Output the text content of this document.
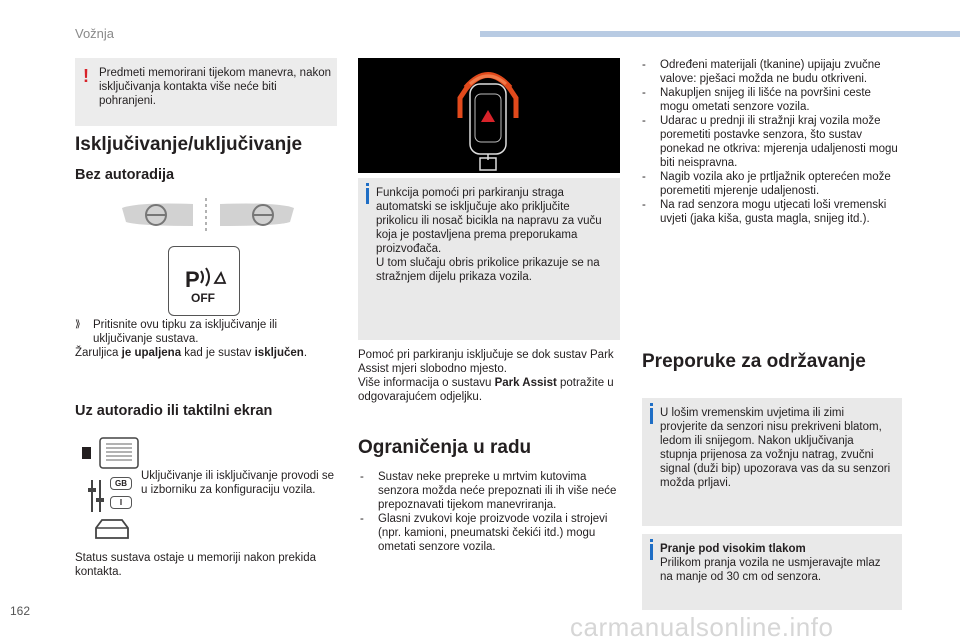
Vožnja
162
carmanualsonline.info
! Predmeti memorirani tijekom manevra, nakon isključivanja kontakta više neće biti pohranjeni.
Isključivanje/uključivanje
Bez autoradija
P
OFF
⟫ Pritisnite ovu tipku za isključivanje ili uključivanje sustava.
Žaruljica je upaljena kad je sustav isključen.
Uz autoradio ili taktilni ekran
GB
I
Uključivanje ili isključivanje provodi se u izborniku za konfiguraciju vozila.
Status sustava ostaje u memoriji nakon prekida kontakta.
Funkcija pomoći pri parkiranju straga automatski se isključuje ako priključite prikolicu ili nosač bicikla na napravu za vuču koja je postavljena prema preporukama proizvođača.
U tom slučaju obris prikolice prikazuje se na stražnjem dijelu prikaza vozila.
Pomoć pri parkiranju isključuje se dok sustav Park Assist mjeri slobodno mjesto.
Više informacija o sustavu Park Assist potražite u odgovarajućem odjeljku.
Ograničenja u radu
- Sustav neke prepreke u mrtvim kutovima senzora možda neće prepoznati ili ih više neće prepoznavati tijekom manevriranja.
- Glasni zvukovi koje proizvode vozila i strojevi (npr. kamioni, pneumatski čekići itd.) mogu ometati senzore vozila.
- Određeni materijali (tkanine) upijaju zvučne valove: pješaci možda ne budu otkriveni.
- Nakupljen snijeg ili lišće na površini ceste mogu ometati senzore vozila.
- Udarac u prednji ili stražnji kraj vozila može poremetiti postavke senzora, što sustav ponekad ne otkriva: mjerenja udaljenosti mogu biti neispravna.
- Nagib vozila ako je prtljažnik opterećen može poremetiti mjerenje udaljenosti.
- Na rad senzora mogu utjecati loši vremenski uvjeti (jaka kiša, gusta magla, snijeg itd.).
Preporuke za održavanje
U lošim vremenskim uvjetima ili zimi provjerite da senzori nisu prekriveni blatom, ledom ili snijegom. Nakon uključivanja stupnja prijenosa za vožnju natrag, zvučni signal (duži bip) upozorava vas da su senzori možda prljavi.
Pranje pod visokim tlakom
Prilikom pranja vozila ne usmjeravajte mlaz na manje od 30 cm od senzora.
